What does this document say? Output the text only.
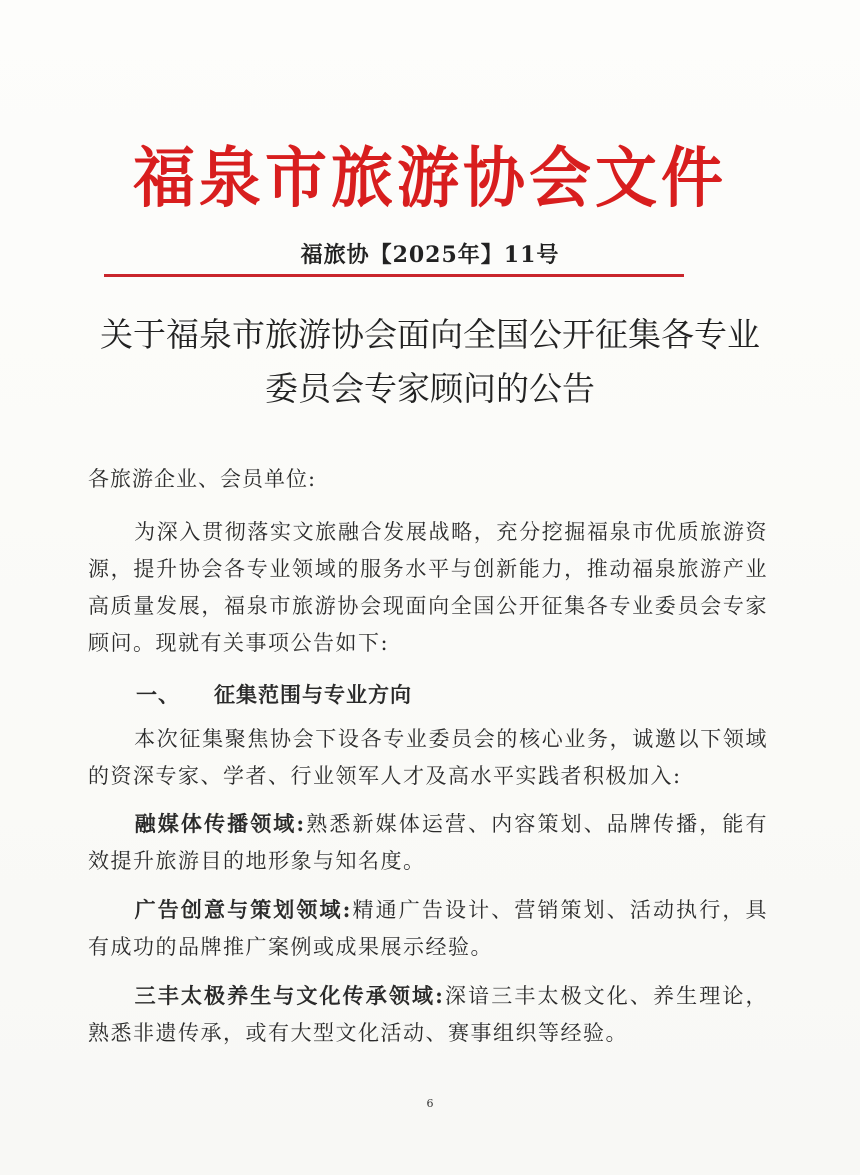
福泉市旅游协会文件
福旅协【2025年】11号
关于福泉市旅游协会面向全国公开征集各专业
委员会专家顾问的公告
各旅游企业、会员单位:
为深入贯彻落实文旅融合发展战略，充分挖掘福泉市优质旅游资源，提升协会各专业领域的服务水平与创新能力，推动福泉旅游产业高质量发展，福泉市旅游协会现面向全国公开征集各专业委员会专家顾问。现就有关事项公告如下:
一、 征集范围与专业方向
本次征集聚焦协会下设各专业委员会的核心业务，诚邀以下领域的资深专家、学者、行业领军人才及高水平实践者积极加入:
融媒体传播领域:熟悉新媒体运营、内容策划、品牌传播，能有效提升旅游目的地形象与知名度。
广告创意与策划领域:精通广告设计、营销策划、活动执行，具有成功的品牌推广案例或成果展示经验。
三丰太极养生与文化传承领域:深谙三丰太极文化、养生理论，熟悉非遗传承，或有大型文化活动、赛事组织等经验。
6
